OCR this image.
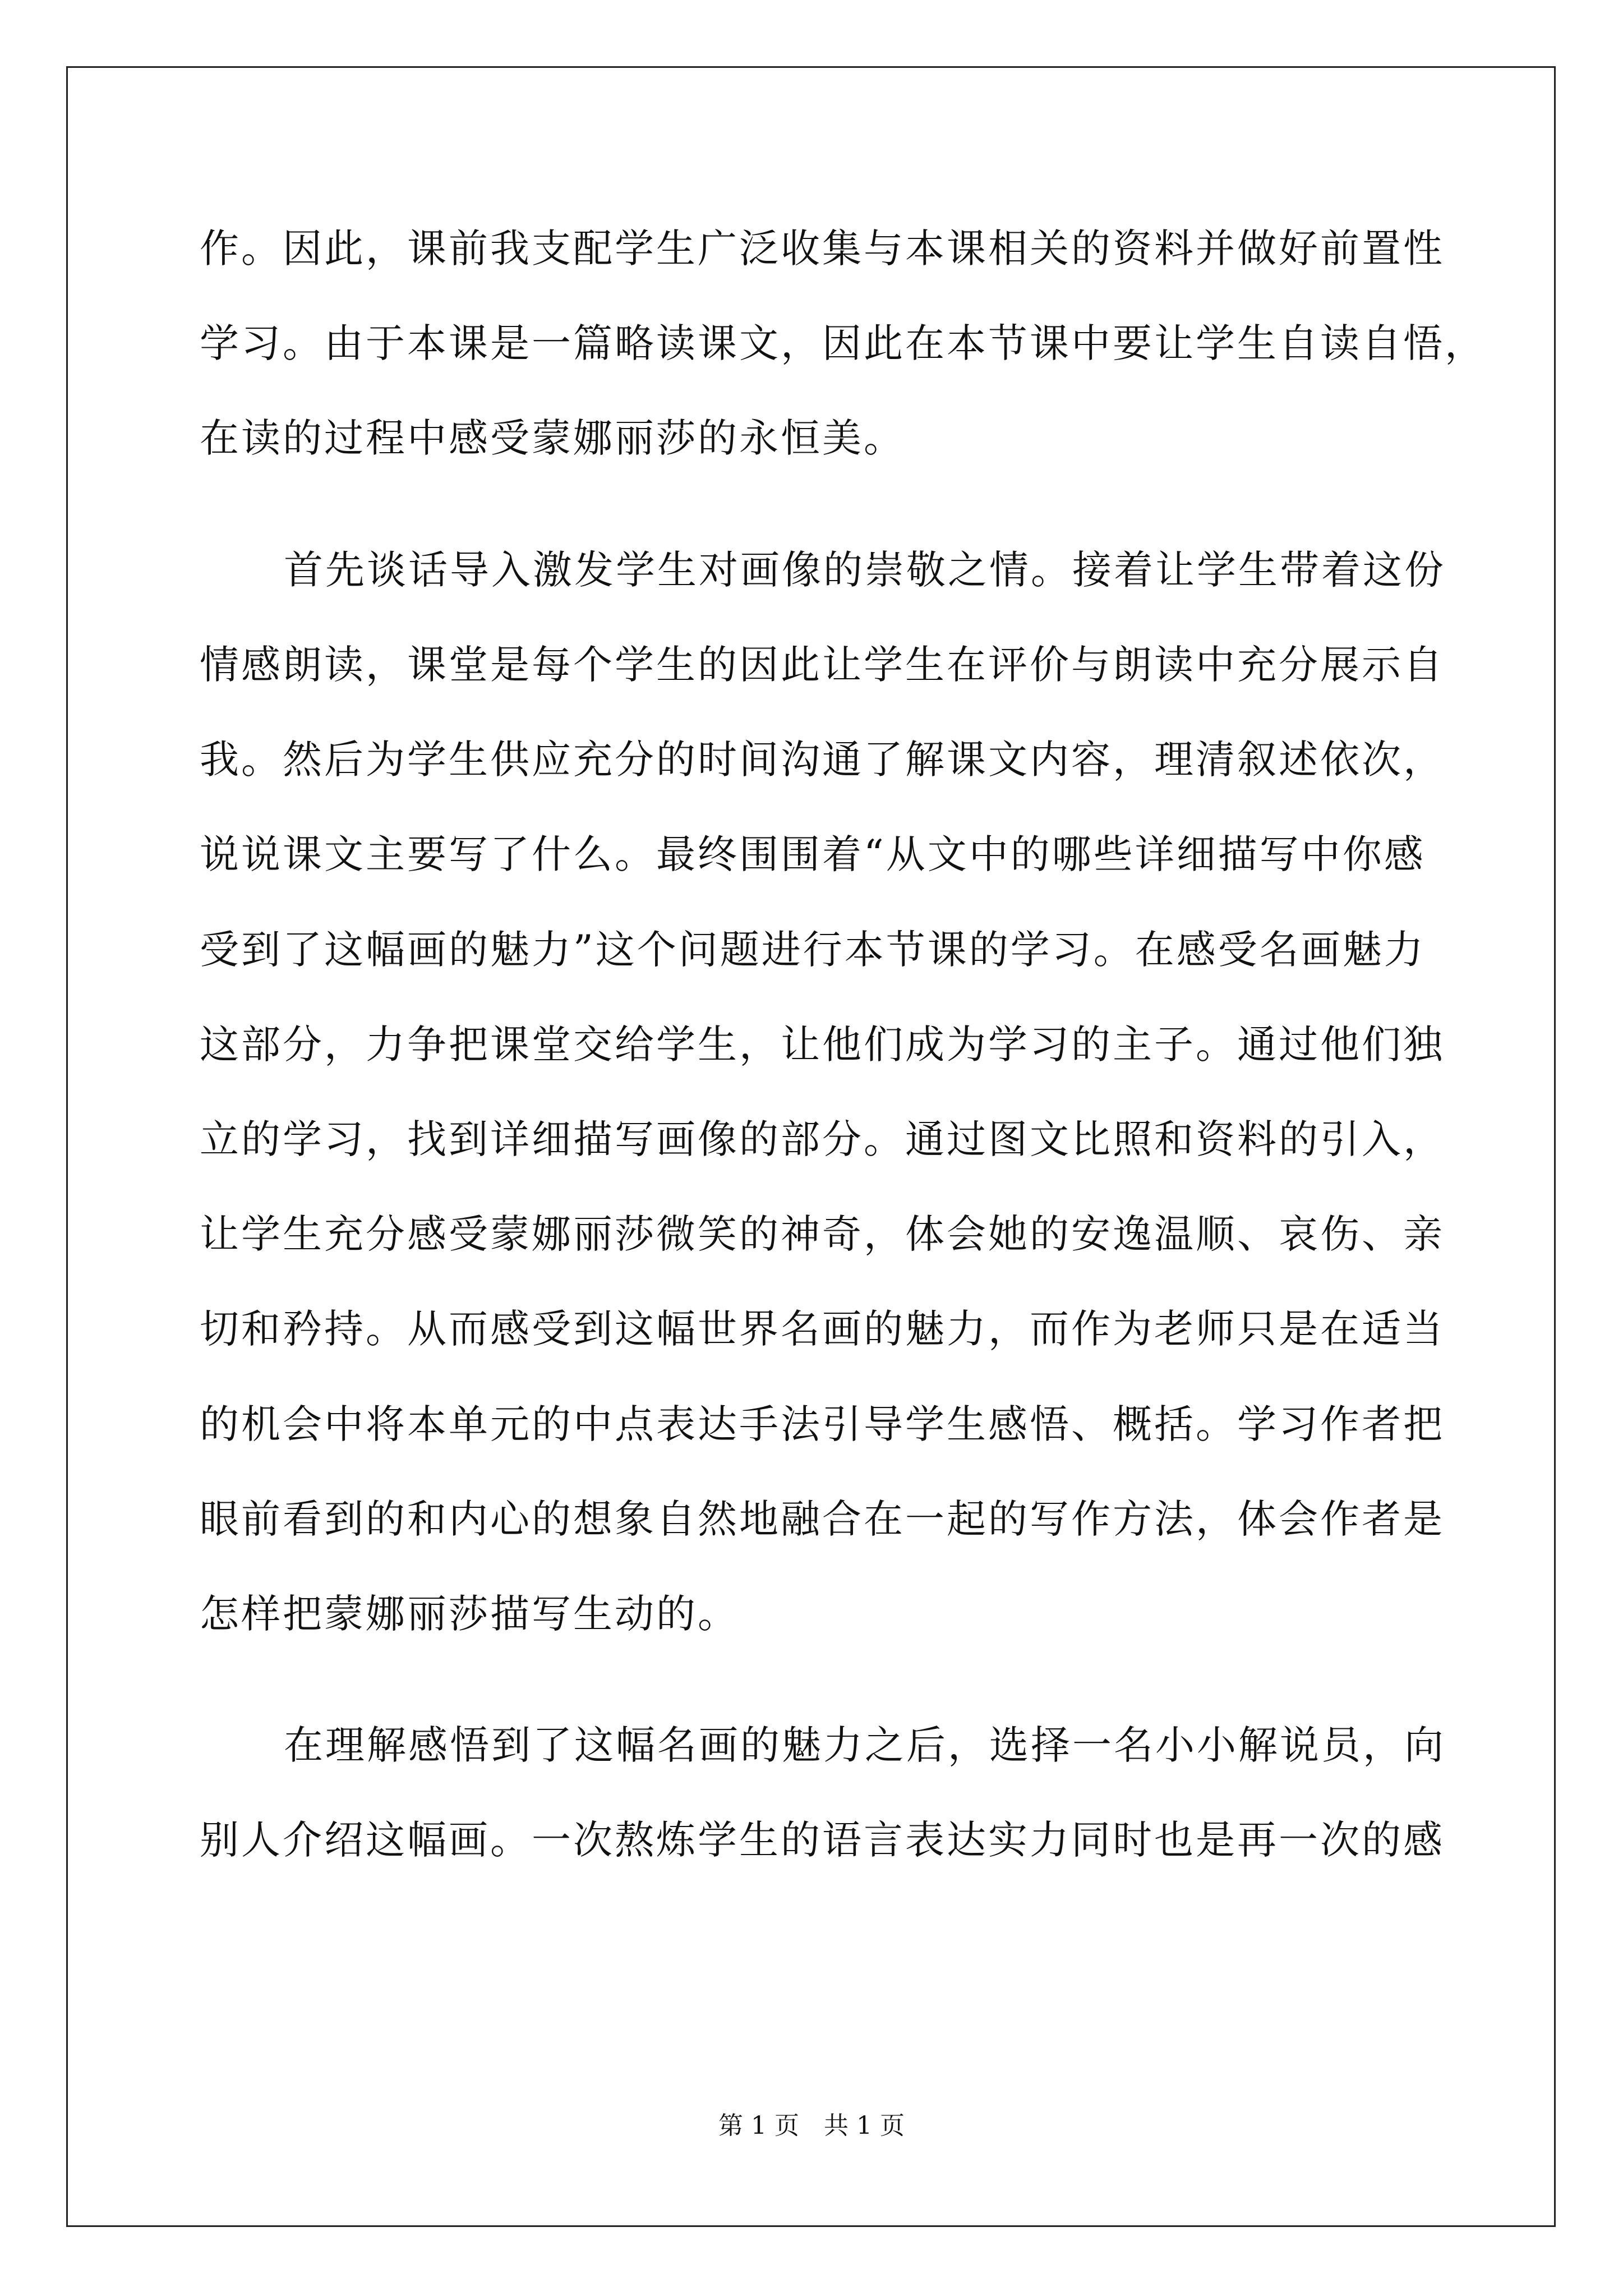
作。因此，课前我支配学生广泛收集与本课相关的资料并做好前置性
学习。由于本课是一篇略读课文，因此在本节课中要让学生自读自悟，
在读的过程中感受蒙娜丽莎的永恒美。
首先谈话导入激发学生对画像的崇敬之情。接着让学生带着这份
情感朗读，课堂是每个学生的因此让学生在评价与朗读中充分展示自
我。然后为学生供应充分的时间沟通了解课文内容，理清叙述依次，
说说课文主要写了什么。最终围围着“从文中的哪些详细描写中你感
受到了这幅画的魅力”这个问题进行本节课的学习。在感受名画魅力
这部分，力争把课堂交给学生，让他们成为学习的主子。通过他们独
立的学习，找到详细描写画像的部分。通过图文比照和资料的引入，
让学生充分感受蒙娜丽莎微笑的神奇，体会她的安逸温顺、哀伤、亲
切和矜持。从而感受到这幅世界名画的魅力，而作为老师只是在适当
的机会中将本单元的中点表达手法引导学生感悟、概括。学习作者把
眼前看到的和内心的想象自然地融合在一起的写作方法，体会作者是
怎样把蒙娜丽莎描写生动的。
在理解感悟到了这幅名画的魅力之后，选择一名小小解说员，向
别人介绍这幅画。一次熬炼学生的语言表达实力同时也是再一次的感
第 1 页　共 1 页
